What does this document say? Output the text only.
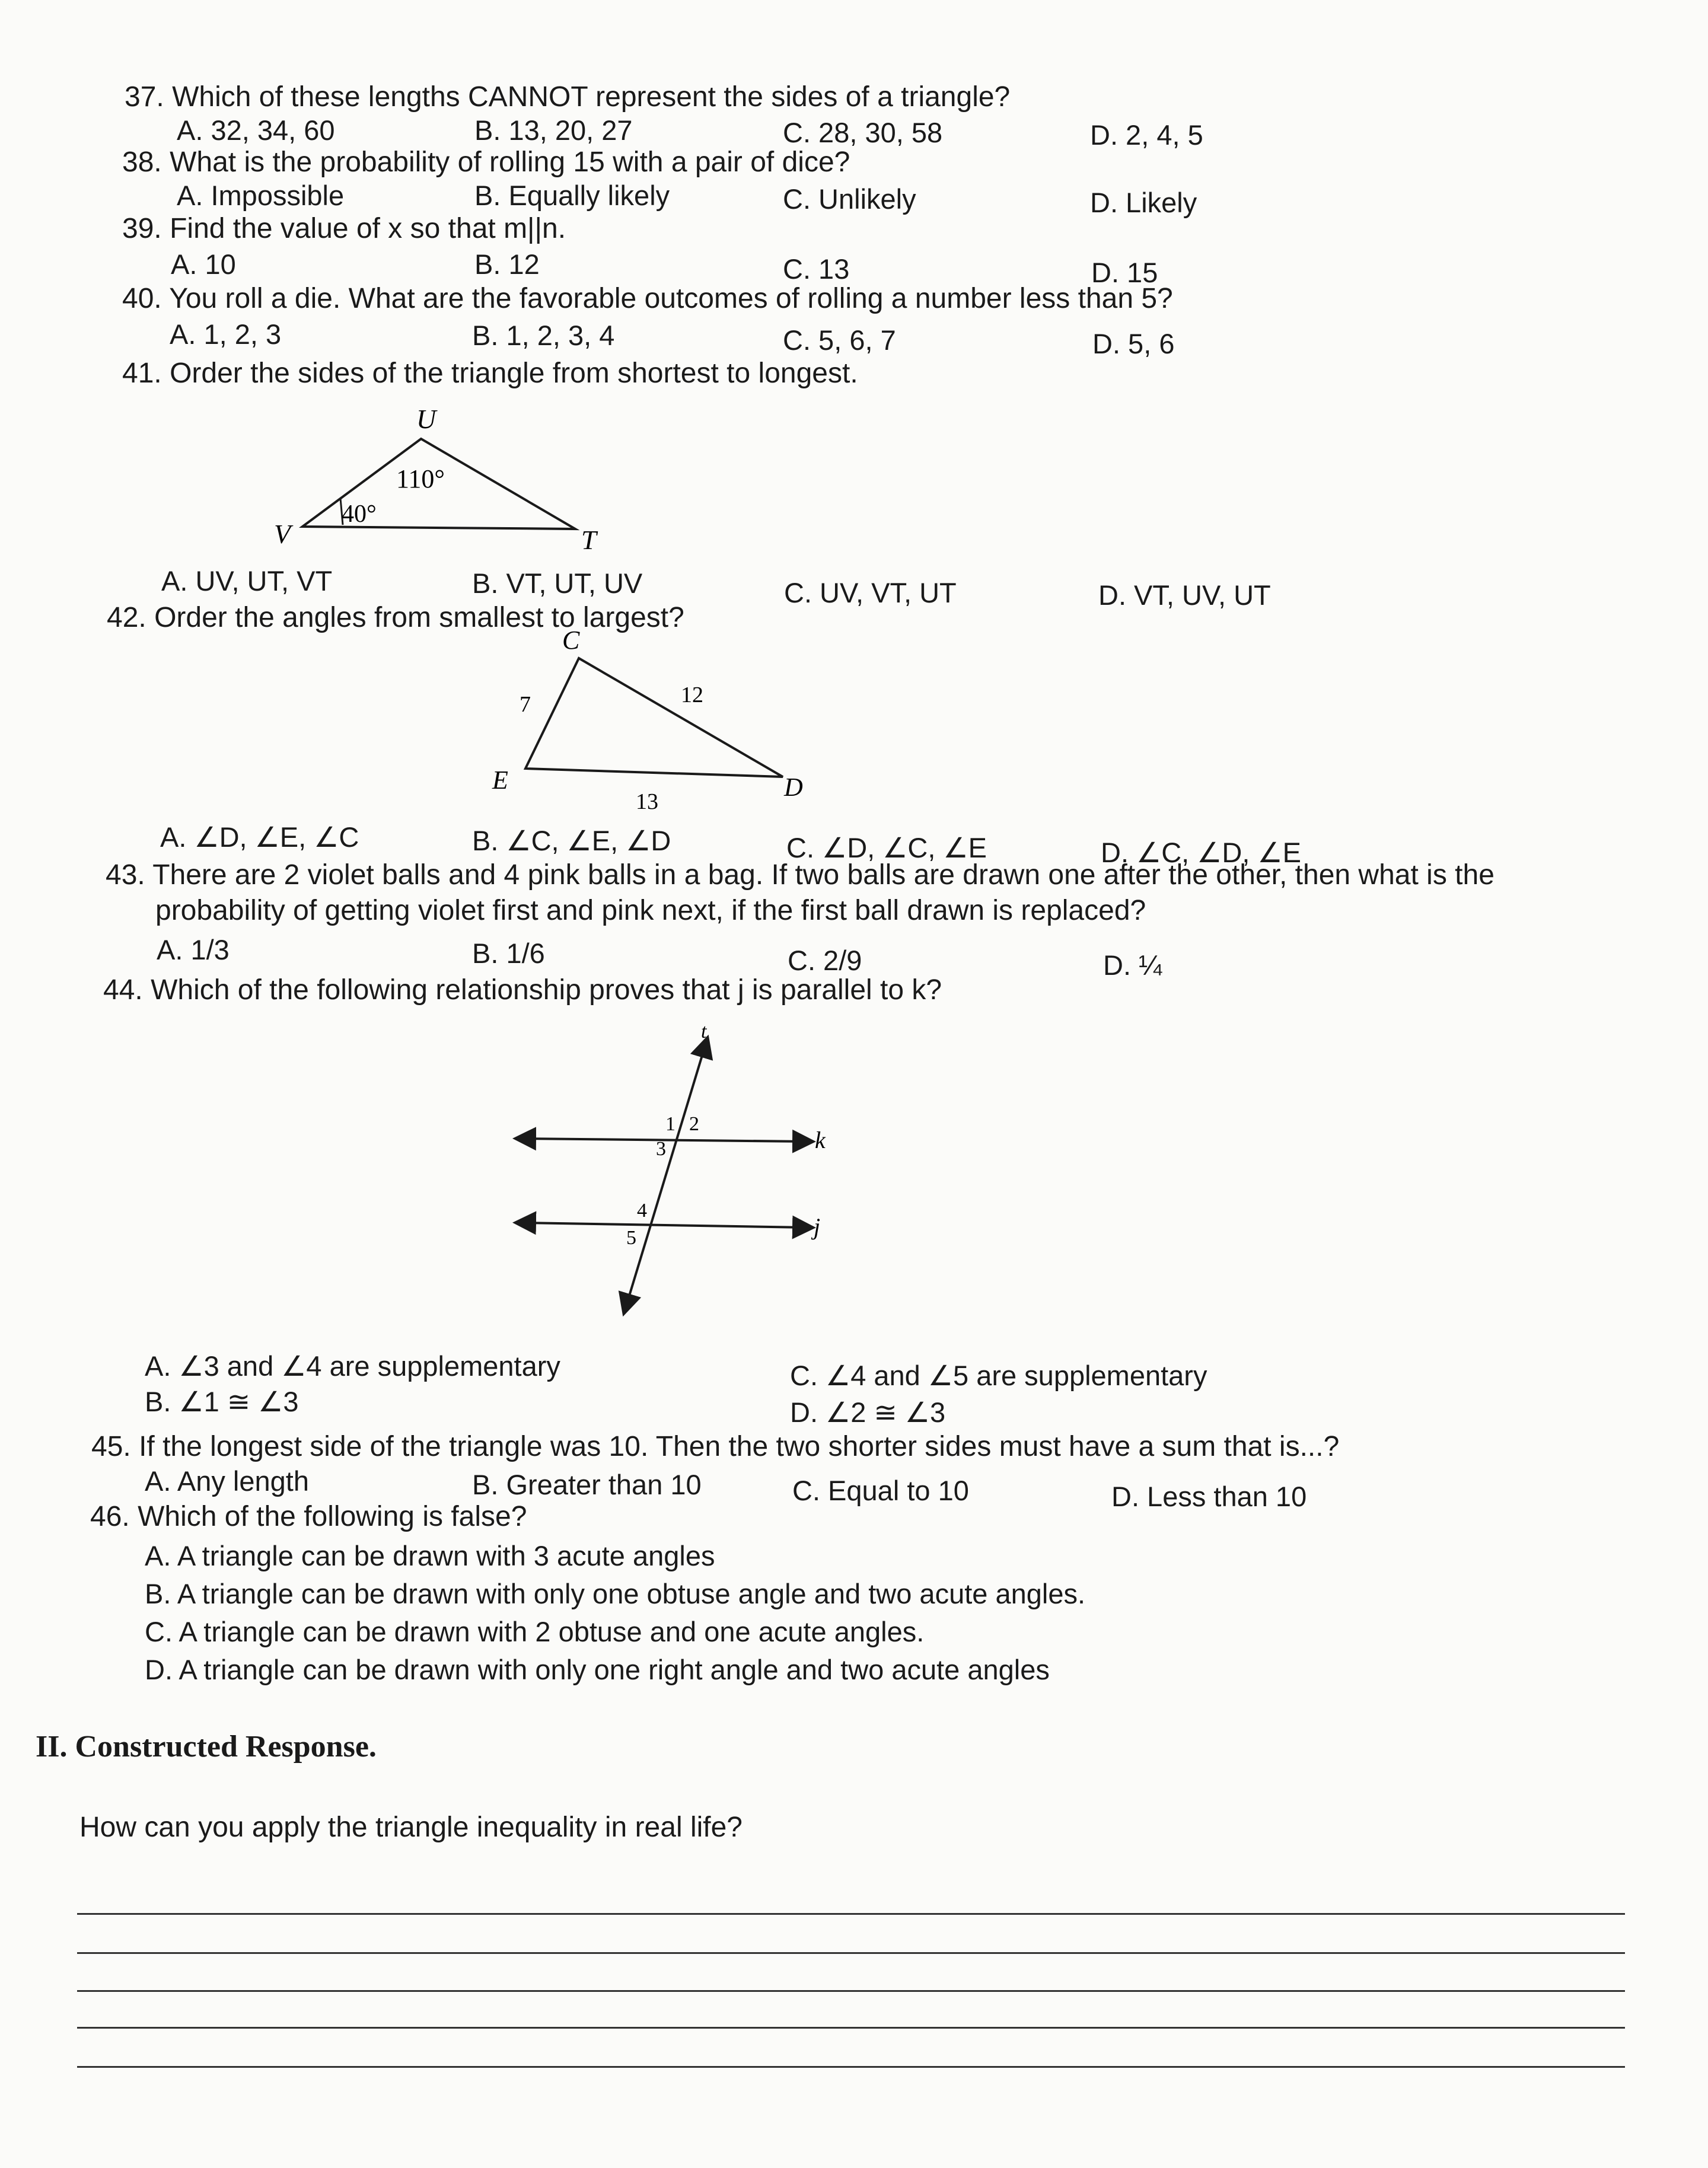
37. Which of these lengths CANNOT represent the sides of a triangle?
A. 32, 34, 60	B. 13, 20, 27	C. 28, 30, 58	D. 2, 4, 5
38. What is the probability of rolling 15 with a pair of dice?
A. Impossible	B. Equally likely	C. Unlikely	D. Likely
39. Find the value of x so that m||n.
A. 10	B. 12	C. 13	D. 15
40. You roll a die. What are the favorable outcomes of rolling a number less than 5?
A. 1, 2, 3	B. 1, 2, 3, 4	C. 5, 6, 7	D. 5, 6
41. Order the sides of the triangle from shortest to longest.
U
V	T
110°
40°
A. UV, UT, VT	B. VT, UT, UV	C. UV, VT, UT	D. VT, UV, UT
42. Order the angles from smallest to largest?
C
E	D
7	12
13
A. ∠D, ∠E, ∠C	B. ∠C, ∠E, ∠D	C. ∠D, ∠C, ∠E	D. ∠C, ∠D, ∠E
43. There are 2 violet balls and 4 pink balls in a bag. If two balls are drawn one after the other, then what is the
probability of getting violet first and pink next, if the first ball drawn is replaced?
A. 1/3	B. 1/6	C. 2/9	D. ¼
44. Which of the following relationship proves that j is parallel to k?
t
k
j
1 2
3
4
5
A. ∠3 and ∠4 are supplementary
B. ∠1 ≅ ∠3
C. ∠4 and ∠5 are supplementary
D. ∠2 ≅ ∠3
45. If the longest side of the triangle was 10. Then the two shorter sides must have a sum that is...?
A. Any length	B. Greater than 10	C. Equal to 10	D. Less than 10
46. Which of the following is false?
A. A triangle can be drawn with 3 acute angles
B. A triangle can be drawn with only one obtuse angle and two acute angles.
C. A triangle can be drawn with 2 obtuse and one acute angles.
D. A triangle can be drawn with only one right angle and two acute angles
II. Constructed Response.
How can you apply the triangle inequality in real life?
